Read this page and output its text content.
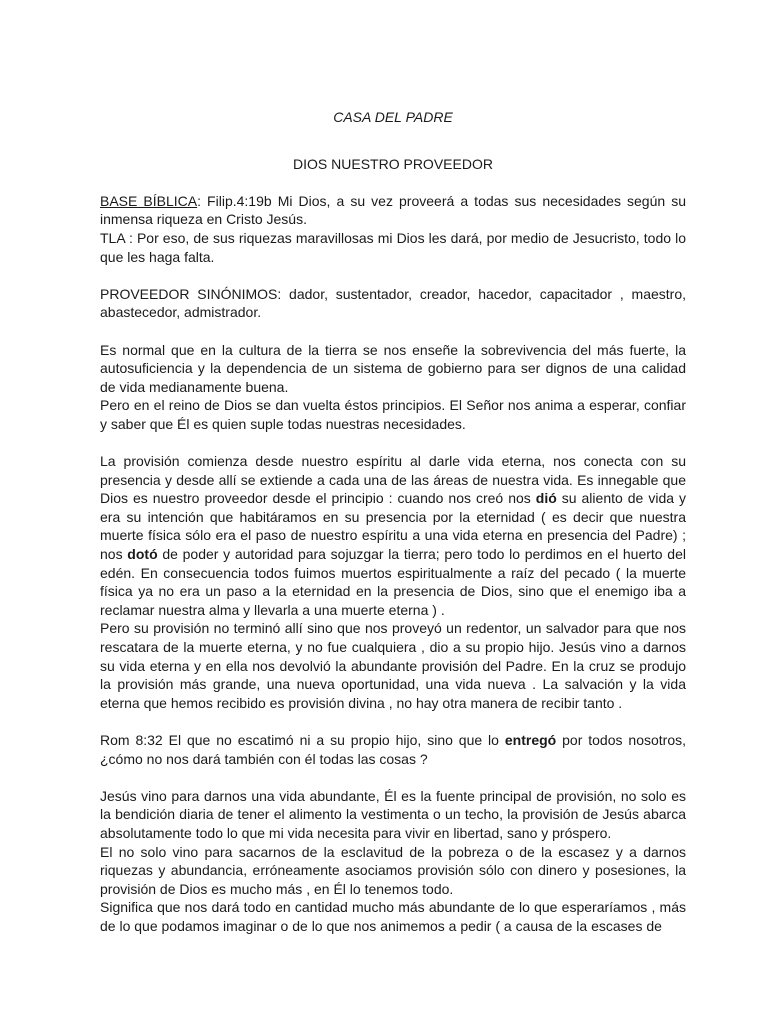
CASA DEL PADRE
DIOS NUESTRO PROVEEDOR

BASE BÍBLICA: Filip.4:19b Mi Dios, a su vez proveerá a todas sus necesidades según su inmensa riqueza en Cristo Jesús.

TLA : Por eso, de sus riquezas maravillosas mi Dios les dará, por medio de Jesucristo, todo lo que les haga falta.

PROVEEDOR SINÓNIMOS: dador, sustentador, creador, hacedor, capacitador , maestro, abastecedor, admistrador.

Es normal que en la cultura de la tierra se nos enseñe la sobrevivencia del más fuerte, la autosuficiencia y la dependencia de un sistema de gobierno para ser dignos de una calidad de vida medianamente buena.

Pero en el reino de Dios se dan vuelta éstos principios. El Señor nos anima a esperar, confiar y saber que Él es quien suple todas nuestras necesidades.

La provisión comienza desde nuestro espíritu al darle vida eterna, nos conecta con su presencia y desde allí se extiende a cada una de las áreas de nuestra vida. Es innegable que Dios es nuestro proveedor desde el principio : cuando nos creó nos dió su aliento de vida y era su intención que habitáramos en su presencia por la eternidad ( es decir que nuestra muerte física sólo era el paso de nuestro espíritu a una vida eterna en presencia del Padre) ; nos dotó de poder y autoridad para sojuzgar la tierra; pero todo lo perdimos en el huerto del edén. En consecuencia todos fuimos muertos espiritualmente a raíz del pecado ( la muerte física ya no era un paso a la eternidad en la presencia de Dios, sino que el enemigo iba a reclamar nuestra alma y llevarla a una muerte eterna ) .

Pero su provisión no terminó allí sino que nos proveyó un redentor, un salvador para que nos rescatara de la muerte eterna, y no fue cualquiera , dio a su propio hijo. Jesús vino a darnos su vida eterna y en ella nos devolvió la abundante provisión del Padre. En la cruz se produjo la provisión más grande, una nueva oportunidad, una vida nueva . La salvación y la vida eterna que hemos recibido es provisión divina , no hay otra manera de recibir tanto .

Rom 8:32 El que no escatimó ni a su propio hijo, sino que lo entregó por todos nosotros, ¿cómo no nos dará también con él todas las cosas ?

Jesús vino para darnos una vida abundante, Él es la fuente principal de provisión, no solo es la bendición diaria de tener el alimento la vestimenta o un techo, la provisión de Jesús abarca absolutamente todo lo que mi vida necesita para vivir en libertad, sano y próspero.

El no solo vino para sacarnos de la esclavitud de la pobreza o de la escasez y a darnos riquezas y abundancia, erróneamente asociamos provisión sólo con dinero y posesiones, la provisión de Dios es mucho más , en Él lo tenemos todo.

Significa que nos dará todo en cantidad mucho más abundante de lo que esperaríamos , más de lo que podamos imaginar o de lo que nos animemos a pedir ( a causa de la escases de
